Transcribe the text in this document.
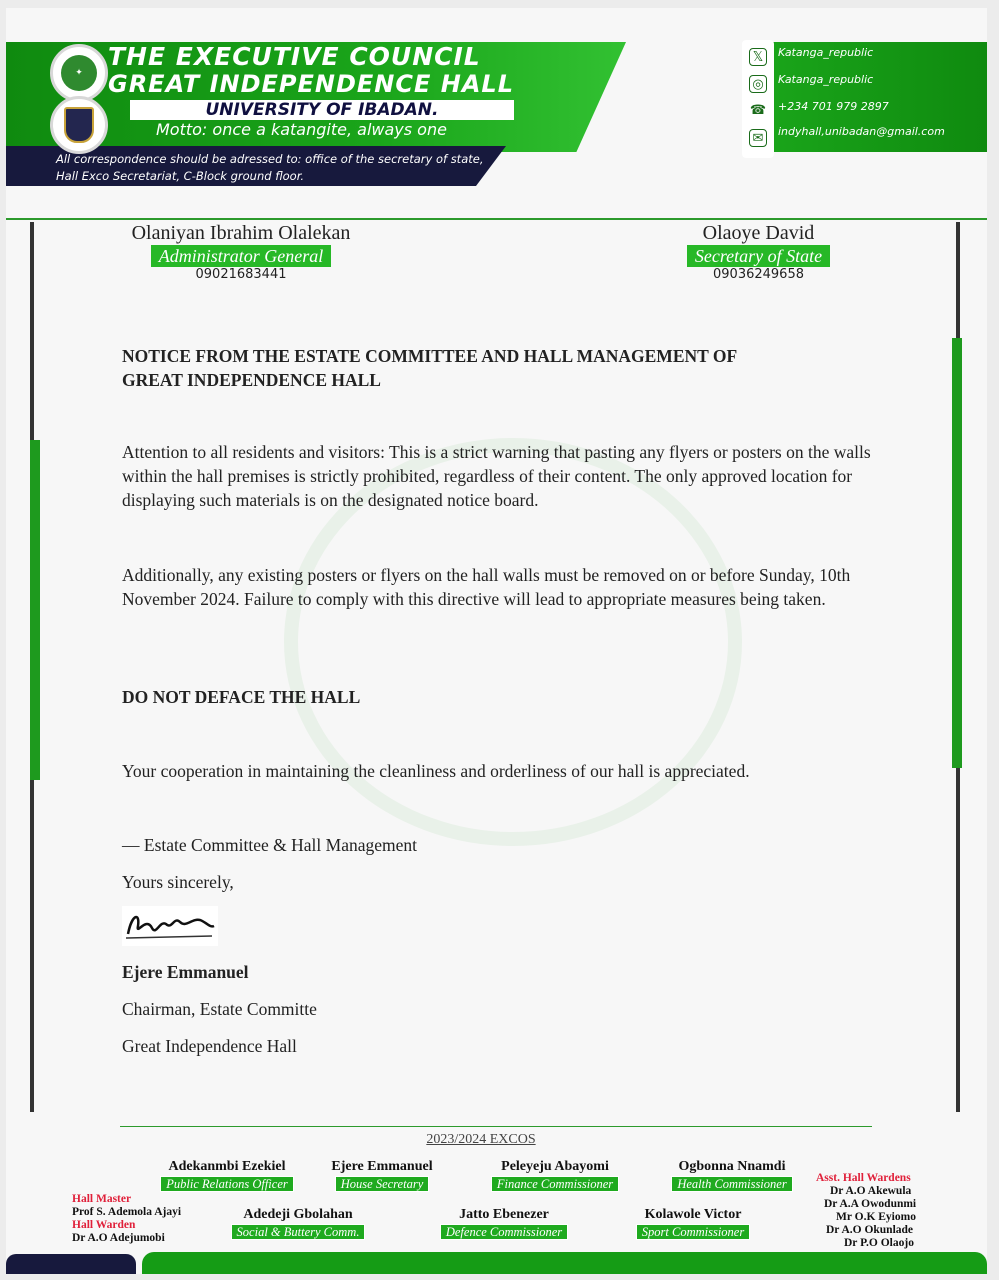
✦
THE EXECUTIVE COUNCIL
GREAT INDEPENDENCE HALL
UNIVERSITY OF IBADAN.
Motto: once a katangite, always one
All correspondence should be adressed to: office of the secretary of state,
Hall Exco Secretariat, C-Block ground floor.
𝕏
◎
☎
✉
Katanga_republic
Katanga_republic
+234 701 979 2897
indyhall,unibadan@gmail.com
Olaniyan Ibrahim Olalekan
Administrator General
09021683441
Olaoye David
Secretary of State
09036249658
NOTICE FROM THE ESTATE COMMITTEE AND HALL MANAGEMENT OF
GREAT INDEPENDENCE HALL
Attention to all residents and visitors: This is a strict warning that pasting any flyers or posters on the walls within the hall premises is strictly prohibited, regardless of their content. The only approved location for displaying such materials is on the designated notice board.
Additionally, any existing posters or flyers on the hall walls must be removed on or before Sunday, 10th November 2024. Failure to comply with this directive will lead to appropriate measures being taken.
DO NOT DEFACE THE HALL
Your cooperation in maintaining the cleanliness and orderliness of our hall is appreciated.
— Estate Committee & Hall Management
Yours sincerely,
Ejere Emmanuel
Chairman, Estate Committe
Great Independence Hall
2023/2024 EXCOS
Adekanmbi Ezekiel
Public Relations Officer
Ejere Emmanuel
House Secretary
Peleyeju Abayomi
Finance Commissioner
Ogbonna Nnamdi
Health Commissioner
Adedeji Gbolahan
Social & Buttery Comm.
Jatto Ebenezer
Defence Commissioner
Kolawole Victor
Sport Commissioner
Hall Master
Prof S. Ademola Ajayi
Hall Warden
Dr A.O Adejumobi
Asst. Hall Wardens
Dr A.O Akewula
Dr A.A Owodunmi
Mr O.K Eyiomo
Dr A.O Okunlade
Dr P.O Olaojo
